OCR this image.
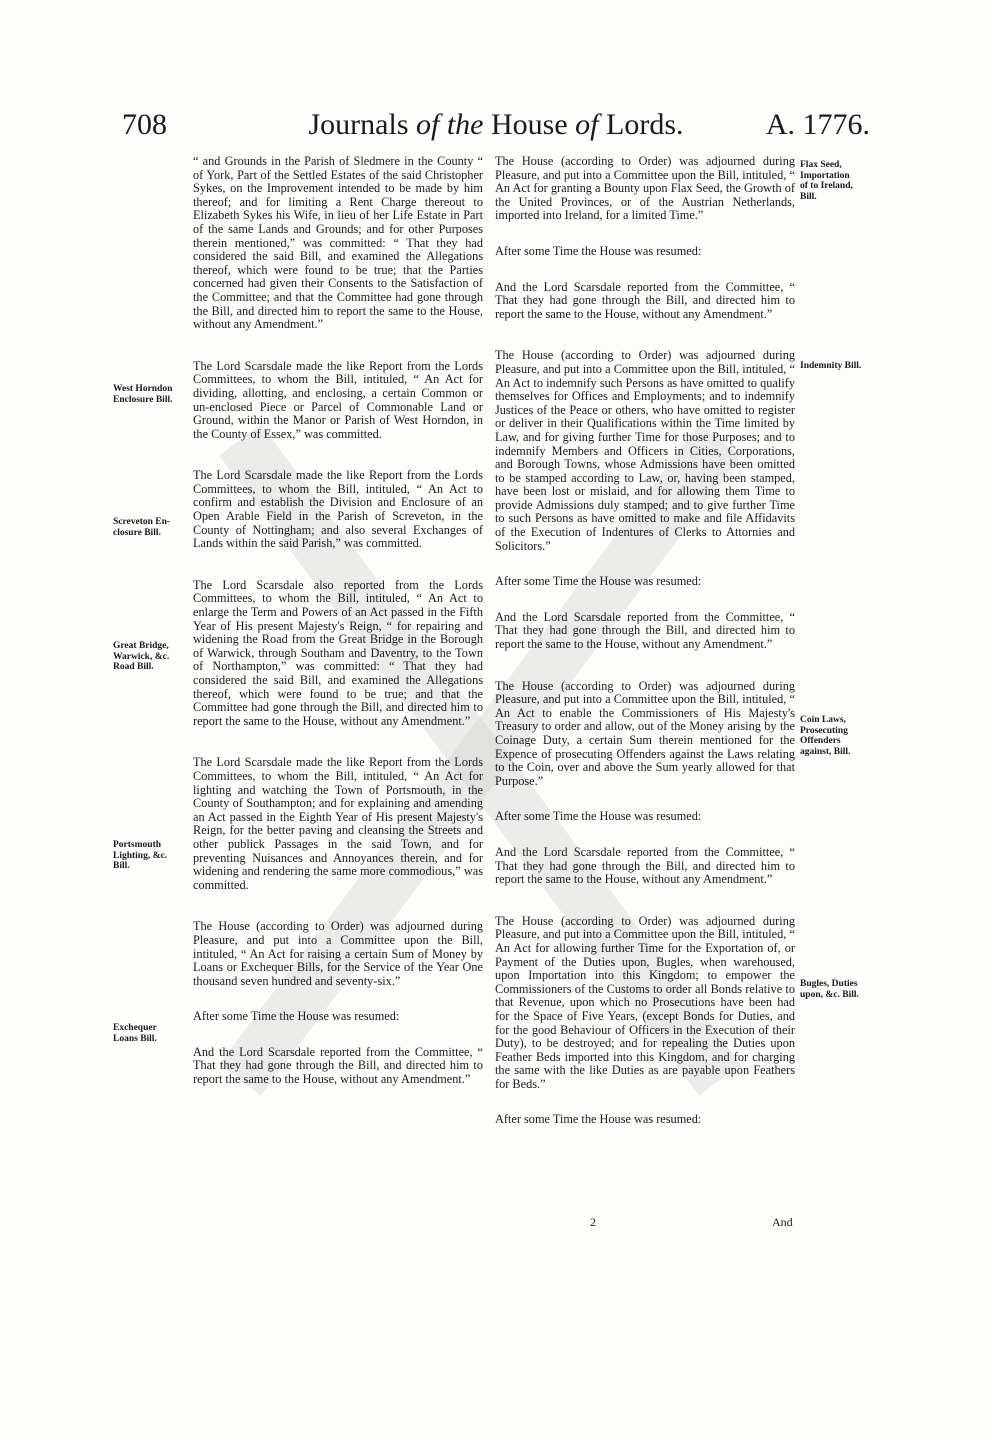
708	Journals of the House of Lords.	A. 1776.

“ and Grounds in the Parish of Sledmere in the County “ of York, Part of the Settled Estates of the said Christopher Sykes, on the Improvement intended to be made by him thereof; and for limiting a Rent Charge thereout to Elizabeth Sykes his Wife, in lieu of her Life Estate in Part of the same Lands and Grounds; and for other Purposes therein mentioned,” was committed: “ That they had considered the said Bill, and examined the Allegations thereof, which were found to be true; that the Parties concerned had given their Consents to the Satisfaction of the Committee; and that the Committee had gone through the Bill, and directed him to report the same to the House, without any Amendment.”

The Lord Scarsdale made the like Report from the Lords Committees, to whom the Bill, intituled, “ An Act for dividing, allotting, and enclosing, a certain Common or un-enclosed Piece or Parcel of Commonable Land or Ground, within the Manor or Parish of West Horndon, in the County of Essex,” was committed.

The Lord Scarsdale made the like Report from the Lords Committees, to whom the Bill, intituled, “ An Act to confirm and establish the Division and Enclosure of an Open Arable Field in the Parish of Screveton, in the County of Nottingham; and also several Exchanges of Lands within the said Parish,” was committed.

The Lord Scarsdale also reported from the Lords Committees, to whom the Bill, intituled, “ An Act to enlarge the Term and Powers of an Act passed in the Fifth Year of His present Majesty's Reign, “ for repairing and widening the Road from the Great Bridge in the Borough of Warwick, through Southam and Daventry, to the Town of Northampton,” was committed: “ That they had considered the said Bill, and examined the Allegations thereof, which were found to be true; and that the Committee had gone through the Bill, and directed him to report the same to the House, without any Amendment.”

The Lord Scarsdale made the like Report from the Lords Committees, to whom the Bill, intituled, “ An Act for lighting and watching the Town of Portsmouth, in the County of Southampton; and for explaining and amending an Act passed in the Eighth Year of His present Majesty's Reign, for the better paving and cleansing the Streets and other publick Passages in the said Town, and for preventing Nuisances and Annoyances therein, and for widening and rendering the same more commodious,” was committed.

The House (according to Order) was adjourned during Pleasure, and put into a Committee upon the Bill, intituled, “ An Act for raising a certain Sum of Money by Loans or Exchequer Bills, for the Service of the Year One thousand seven hundred and seventy-six.”

After some Time the House was resumed:

And the Lord Scarsdale reported from the Committee, “ That they had gone through the Bill, and directed him to report the same to the House, without any Amendment.”

The House (according to Order) was adjourned during Pleasure, and put into a Committee upon the Bill, intituled, “ An Act for granting a Bounty upon Flax Seed, the Growth of the United Provinces, or of the Austrian Netherlands, imported into Ireland, for a limited Time.”

After some Time the House was resumed:

And the Lord Scarsdale reported from the Committee, “ That they had gone through the Bill, and directed him to report the same to the House, without any Amendment.”

The House (according to Order) was adjourned during Pleasure, and put into a Committee upon the Bill, intituled, “ An Act to indemnify such Persons as have omitted to qualify themselves for Offices and Employments; and to indemnify Justices of the Peace or others, who have omitted to register or deliver in their Qualifications within the Time limited by Law, and for giving further Time for those Purposes; and to indemnify Members and Officers in Cities, Corporations, and Borough Towns, whose Admissions have been omitted to be stamped according to Law, or, having been stamped, have been lost or mislaid, and for allowing them Time to provide Admissions duly stamped; and to give further Time to such Persons as have omitted to make and file Affidavits of the Execution of Indentures of Clerks to Attornies and Solicitors.”

After some Time the House was resumed:

And the Lord Scarsdale reported from the Committee, “ That they had gone through the Bill, and directed him to report the same to the House, without any Amendment.”

The House (according to Order) was adjourned during Pleasure, and put into a Committee upon the Bill, intituled, “ An Act to enable the Commissioners of His Majesty's Treasury to order and allow, out of the Money arising by the Coinage Duty, a certain Sum therein mentioned for the Expence of prosecuting Offenders against the Laws relating to the Coin, over and above the Sum yearly allowed for that Purpose.”

After some Time the House was resumed:

And the Lord Scarsdale reported from the Committee, “ That they had gone through the Bill, and directed him to report the same to the House, without any Amendment.”

The House (according to Order) was adjourned during Pleasure, and put into a Committee upon the Bill, intituled, “ An Act for allowing further Time for the Exportation of, or Payment of the Duties upon, Bugles, when warehoused, upon Importation into this Kingdom; to empower the Commissioners of the Customs to order all Bonds relative to that Revenue, upon which no Prosecutions have been had for the Space of Five Years, (except Bonds for Duties, and for the good Behaviour of Officers in the Execution of their Duty), to be destroyed; and for repealing the Duties upon Feather Beds imported into this Kingdom, and for charging the same with the like Duties as are payable upon Feathers for Beds.”

After some Time the House was resumed:

West Horndon
Enclosure Bill.
Screveton En-
closure Bill.
Great Bridge,
Warwick, &c.
Road Bill.
Portsmouth
Lighting, &c.
Bill.
Exchequer
Loans Bill.
Flax Seed,
Importation
of to Ireland,
Bill.
Indemnity Bill.
Coin Laws,
Prosecuting
Offenders
against, Bill.
Bugles, Duties
upon, &c. Bill.
2	And
